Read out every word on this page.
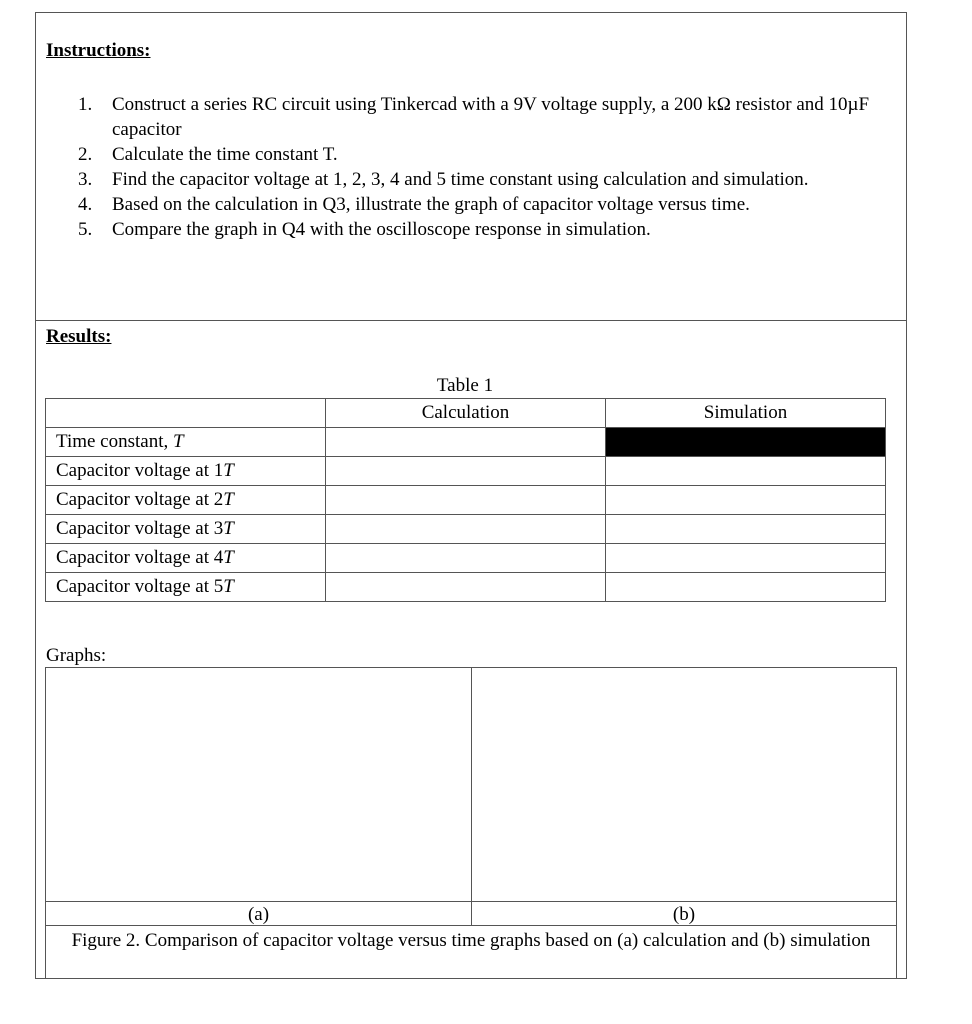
Instructions:
1. Construct a series RC circuit using Tinkercad with a 9V voltage supply, a 200 kΩ resistor and 10µF capacitor
2. Calculate the time constant T.
3. Find the capacitor voltage at 1, 2, 3, 4 and 5 time constant using calculation and simulation.
4. Based on the calculation in Q3, illustrate the graph of capacitor voltage versus time.
5. Compare the graph in Q4 with the oscilloscope response in simulation.
Results:
Table 1
	Calculation	Simulation
Time constant, T		
Capacitor voltage at 1T		
Capacitor voltage at 2T		
Capacitor voltage at 3T		
Capacitor voltage at 4T		
Capacitor voltage at 5T		
Graphs:
(a)	(b)
Figure 2. Comparison of capacitor voltage versus time graphs based on (a) calculation and (b) simulation
